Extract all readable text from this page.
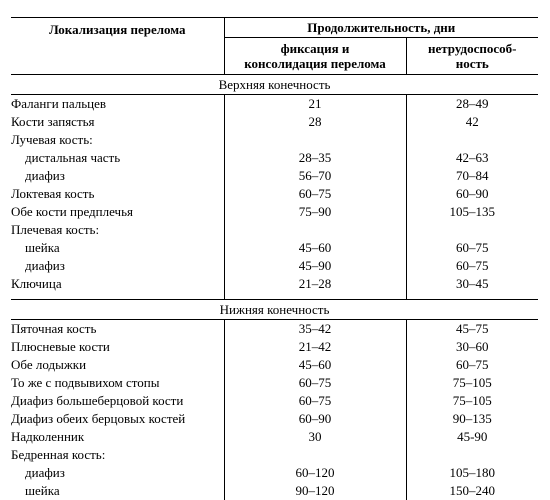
Локализация перелома	Продолжительность, дни	
	фиксация и консолидация перелома	нетрудоспособ- ность
Верхняя конечность		
Фаланги пальцев	21	28–49
Кости запястья	28	42
Лучевая кость:		
дистальная часть	28–35	42–63
диафиз	56–70	70–84
Локтевая кость	60–75	60–90
Обе кости предплечья	75–90	105–135
Плечевая кость:		
шейка	45–60	60–75
диафиз	45–90	60–75
Ключица	21–28	30–45

Нижняя конечность		
Пяточная кость	35–42	45–75
Плюсневые кости	21–42	30–60
Обе лодыжки	45–60	60–75
То же с подвывихом стопы	60–75	75–105
Диафиз большеберцовой кости	60–75	75–105
Диафиз обеих берцовых костей	60–90	90–135
Надколенник	30	45-90
Бедренная кость:		
диафиз	60–120	105–180
шейка	90–120	150–240
